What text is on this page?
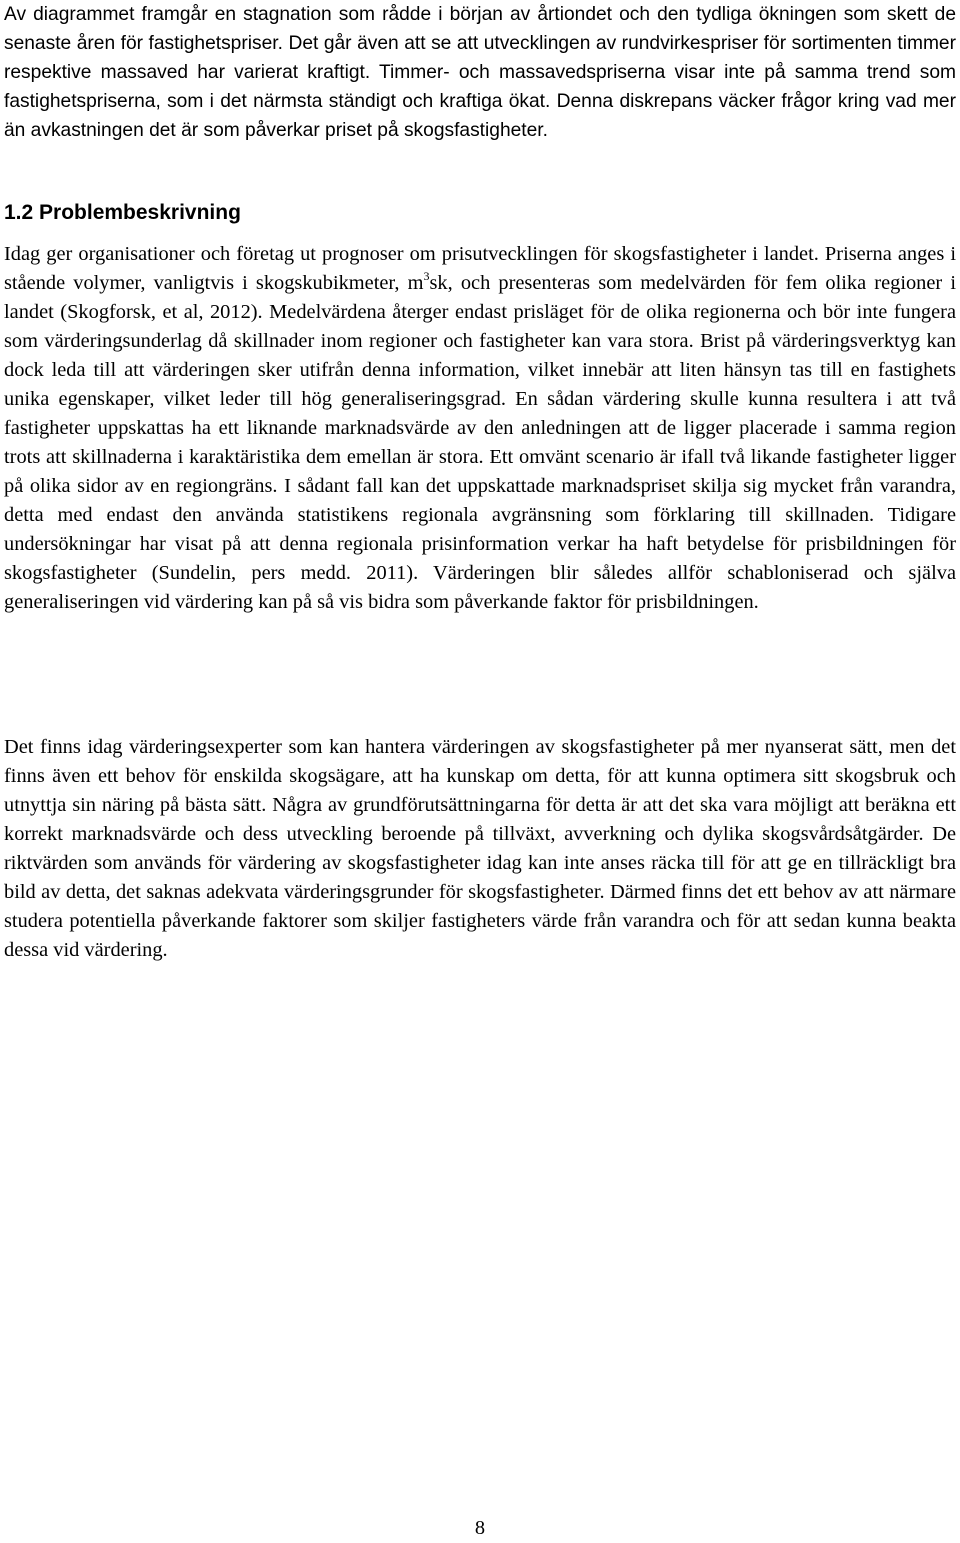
Av diagrammet framgår en stagnation som rådde i början av årtiondet och den tydliga ökningen som skett de senaste åren för fastighetspriser. Det går även att se att utvecklingen av rundvirkespriser för sortimenten timmer respektive massaved har varierat kraftigt. Timmer- och massavedspriserna visar inte på samma trend som fastighetspriserna, som i det närmsta ständigt och kraftiga ökat. Denna diskrepans väcker frågor kring vad mer än avkastningen det är som påverkar priset på skogsfastigheter.

1.2 Problembeskrivning

Idag ger organisationer och företag ut prognoser om prisutvecklingen för skogsfastigheter i landet. Priserna anges i stående volymer, vanligtvis i skogskubikmeter, $m^3sk$, och presenteras som medelvärden för fem olika regioner i landet (Skogforsk, et al, 2012). Medelvärdena återger endast prisläget för de olika regionerna och bör inte fungera som värderingsunderlag då skillnader inom regioner och fastigheter kan vara stora. Brist på värderingsverktyg kan dock leda till att värderingen sker utifrån denna information, vilket innebär att liten hänsyn tas till en fastighets unika egenskaper, vilket leder till hög generaliseringsgrad. En sådan värdering skulle kunna resultera i att två fastigheter uppskattas ha ett liknande marknadsvärde av den anledningen att de ligger placerade i samma region trots att skillnaderna i karaktäristika dem emellan är stora. Ett omvänt scenario är ifall två likande fastigheter ligger på olika sidor av en regiongräns. I sådant fall kan det uppskattade marknadspriset skilja sig mycket från varandra, detta med endast den använda statistikens regionala avgränsning som förklaring till skillnaden. Tidigare undersökningar har visat på att denna regionala prisinformation verkar ha haft betydelse för prisbildningen för skogsfastigheter (Sundelin, pers medd. 2011). Värderingen blir således allför schabloniserad och själva generaliseringen vid värdering kan på så vis bidra som påverkande faktor för prisbildningen.

Det finns idag värderingsexperter som kan hantera värderingen av skogsfastigheter på mer nyanserat sätt, men det finns även ett behov för enskilda skogsägare, att ha kunskap om detta, för att kunna optimera sitt skogsbruk och utnyttja sin näring på bästa sätt. Några av grundförutsättningarna för detta är att det ska vara möjligt att beräkna ett korrekt marknadsvärde och dess utveckling beroende på tillväxt, avverkning och dylika skogsvårdsåtgärder. De riktvärden som används för värdering av skogsfastigheter idag kan inte anses räcka till för att ge en tillräckligt bra bild av detta, det saknas adekvata värderingsgrunder för skogsfastigheter. Därmed finns det ett behov av att närmare studera potentiella påverkande faktorer som skiljer fastigheters värde från varandra och för att sedan kunna beakta dessa vid värdering.

8
